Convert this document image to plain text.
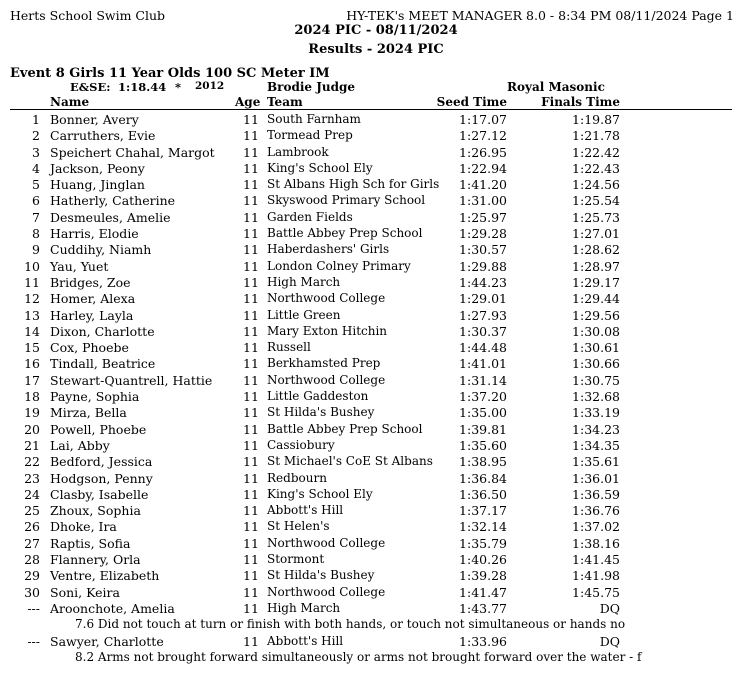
Herts School Swim Club	HY-TEK's MEET MANAGER 8.0 - 8:34 PM 08/11/2024 Page 1
2024 PIC - 08/11/2024
Results - 2024 PIC
Event 8 Girls 11 Year Olds 100 SC Meter IM
E&SE: 1:18.44 * 2012	Brodie Judge	Royal Masonic
Name	Age Team	Seed Time	Finals Time
1 Bonner, Avery	11 South Farnham	1:17.07	1:19.87
2 Carruthers, Evie	11 Tormead Prep	1:27.12	1:21.78
3 Speichert Chahal, Margot 11 Lambrook	1:26.95	1:22.42
4 Jackson, Peony	11 King's School Ely	1:22.94	1:22.43
5 Huang, Jinglan	11 St Albans High Sch for Girls 1:41.20	1:24.56
6 Hatherly, Catherine	11 Skyswood Primary School	1:31.00	1:25.54
7 Desmeules, Amelie	11 Garden Fields	1:25.97	1:25.73
8 Harris, Elodie	11 Battle Abbey Prep School	1:29.28	1:27.01
9 Cuddihy, Niamh	11 Haberdashers' Girls	1:30.57	1:28.62
10 Yau, Yuet	11 London Colney Primary	1:29.88	1:28.97
11 Bridges, Zoe	11 High March	1:44.23	1:29.17
12 Homer, Alexa	11 Northwood College	1:29.01	1:29.44
13 Harley, Layla	11 Little Green	1:27.93	1:29.56
14 Dixon, Charlotte	11 Mary Exton Hitchin	1:30.37	1:30.08
15 Cox, Phoebe	11 Russell	1:44.48	1:30.61
16 Tindall, Beatrice	11 Berkhamsted Prep	1:41.01	1:30.66
17 Stewart-Quantrell, Hattie 11 Northwood College	1:31.14	1:30.75
18 Payne, Sophia	11 Little Gaddeston	1:37.20	1:32.68
19 Mirza, Bella	11 St Hilda's Bushey	1:35.00	1:33.19
20 Powell, Phoebe	11 Battle Abbey Prep School	1:39.81	1:34.23
21 Lai, Abby	11 Cassiobury	1:35.60	1:34.35
22 Bedford, Jessica	11 St Michael's CoE St Albans 1:38.95	1:35.61
23 Hodgson, Penny	11 Redbourn	1:36.84	1:36.01
24 Clasby, Isabelle	11 King's School Ely	1:36.50	1:36.59
25 Zhoux, Sophia	11 Abbott's Hill	1:37.17	1:36.76
26 Dhoke, Ira	11 St Helen's	1:32.14	1:37.02
27 Raptis, Sofia	11 Northwood College	1:35.79	1:38.16
28 Flannery, Orla	11 Stormont	1:40.26	1:41.45
29 Ventre, Elizabeth	11 St Hilda's Bushey	1:39.28	1:41.98
30 Soni, Keira	11 Northwood College	1:41.47	1:45.75
--- Aroonchote, Amelia	11 High March	1:43.77	DQ
7.6 Did not touch at turn or finish with both hands, or touch not simultaneous or hands no
--- Sawyer, Charlotte	11 Abbott's Hill	1:33.96	DQ
8.2 Arms not brought forward simultaneously or arms not brought forward over the water - f
